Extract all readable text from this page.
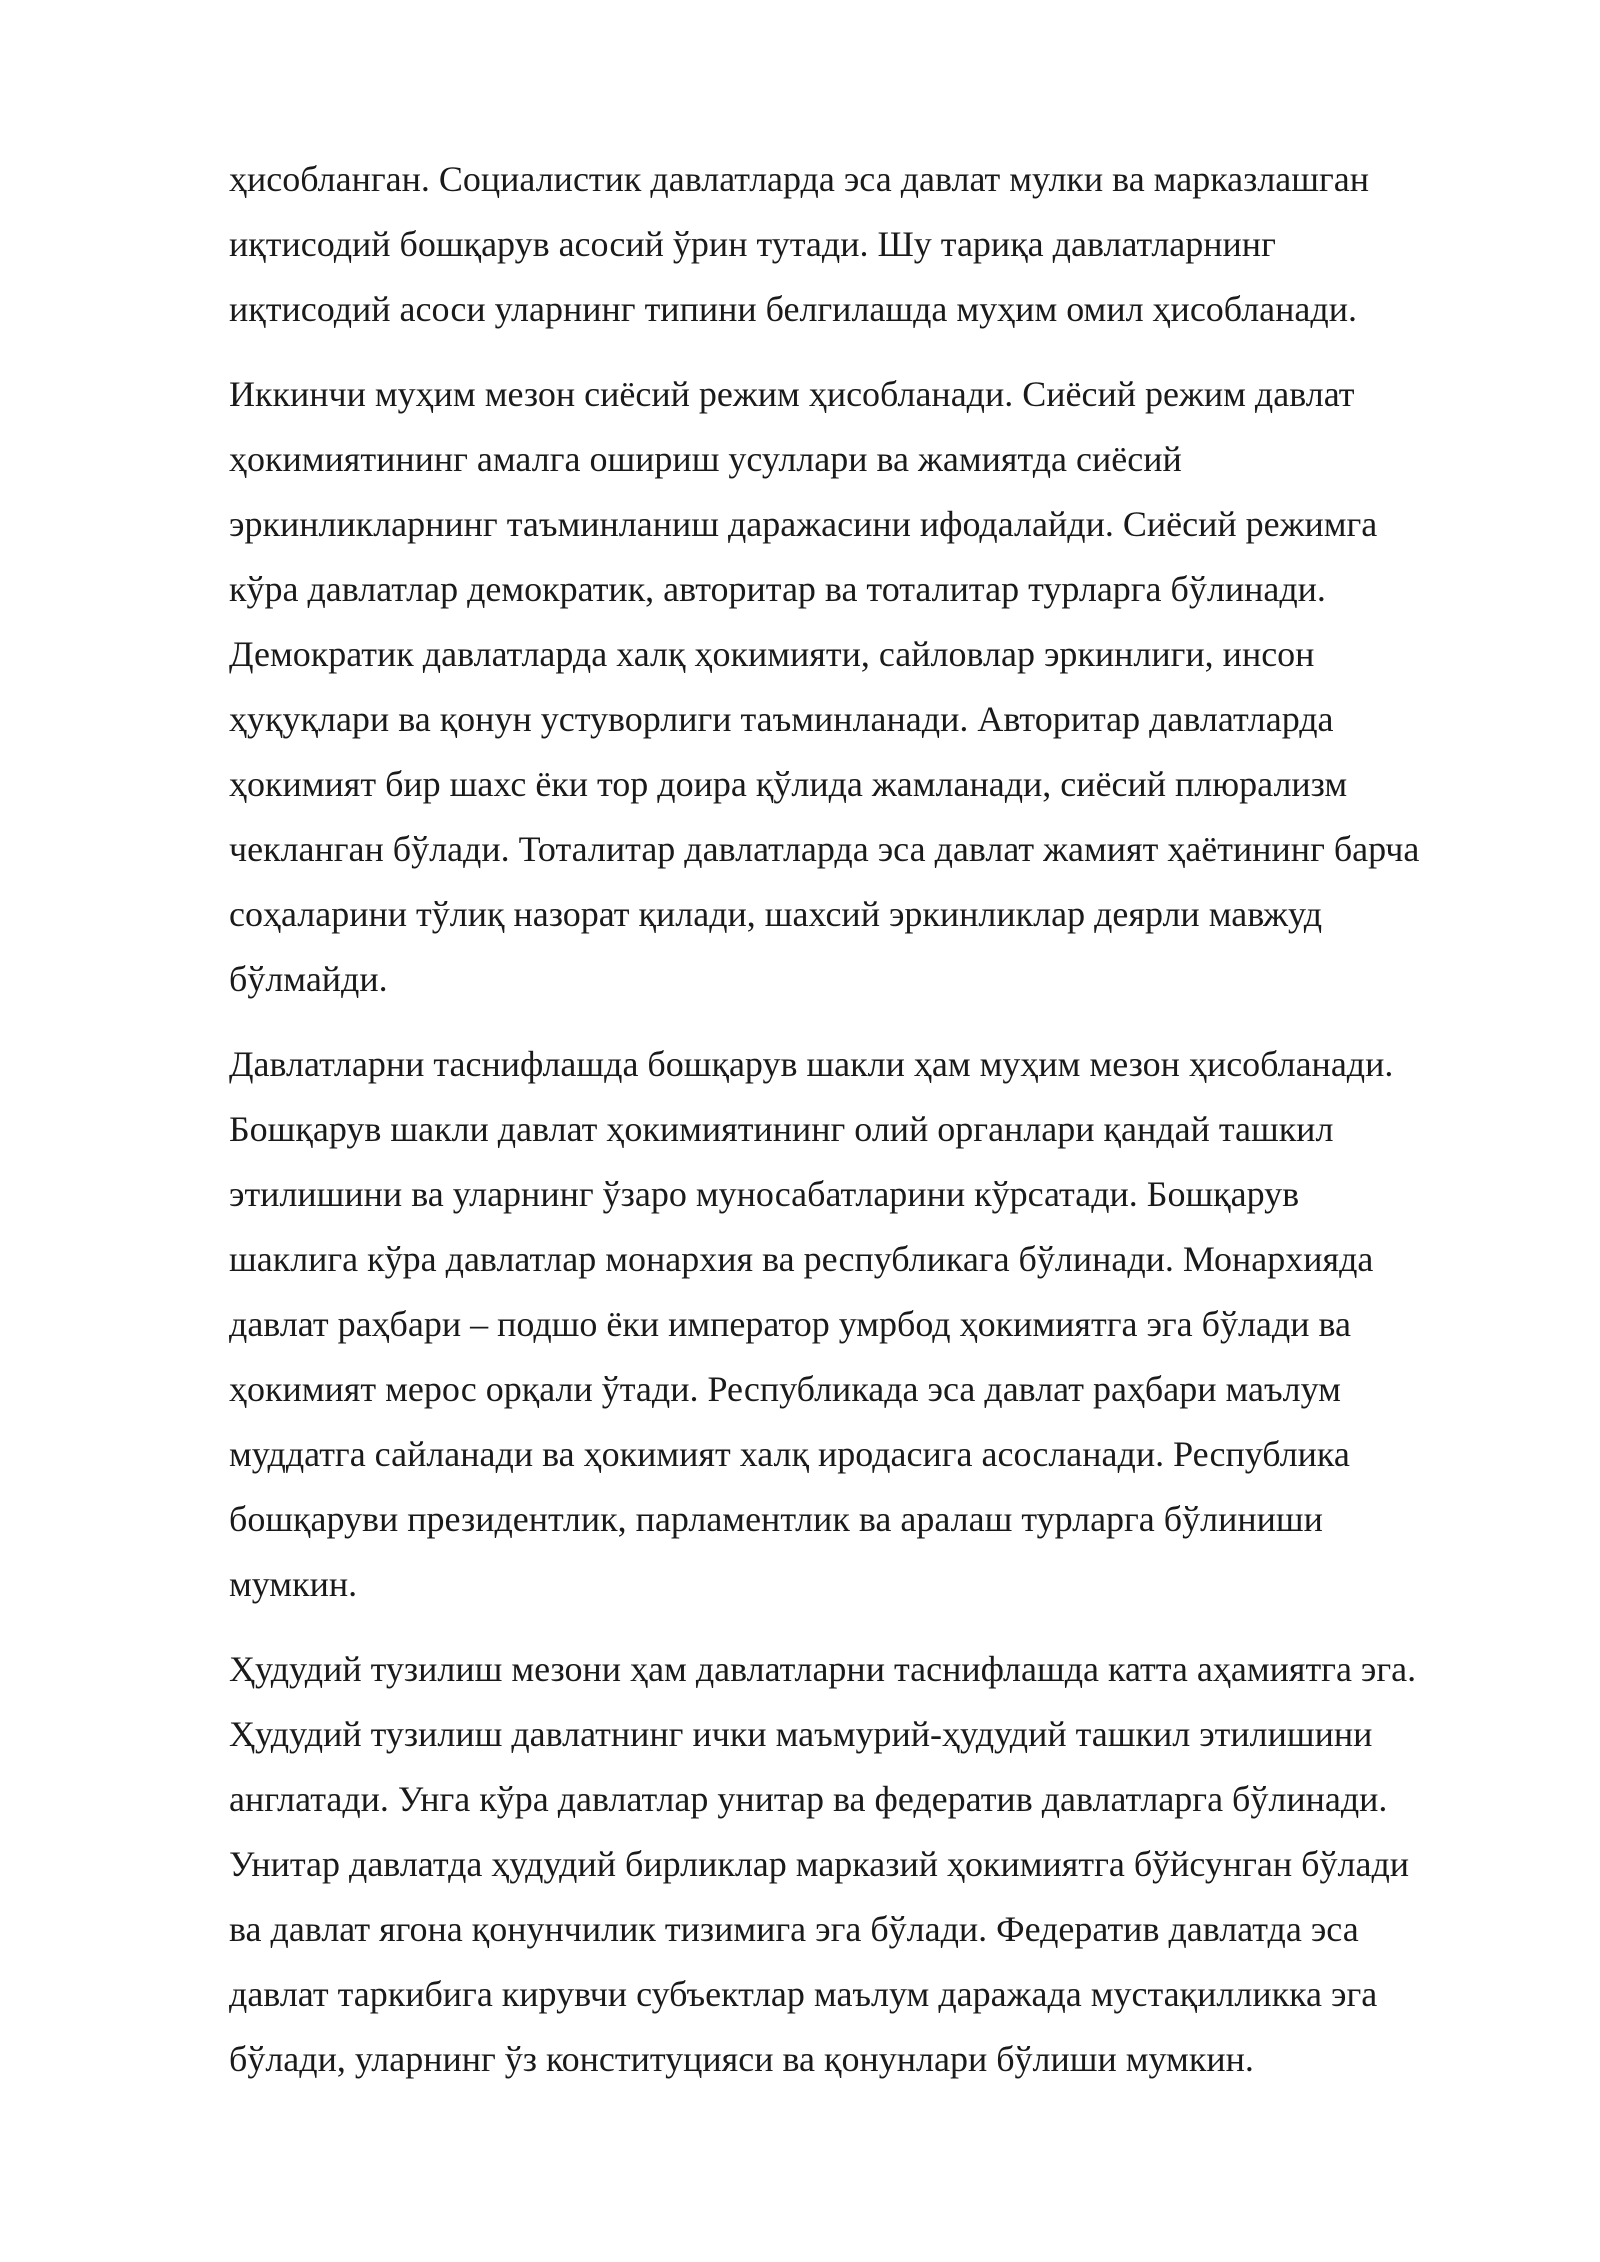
ҳисобланган. Социалистик давлатларда эса давлат мулки ва марказлашган
иқтисодий бошқарув асосий ўрин тутади. Шу тариқа давлатларнинг
иқтисодий асоси уларнинг типини белгилашда муҳим омил ҳисобланади.

Иккинчи муҳим мезон сиёсий режим ҳисобланади. Сиёсий режим давлат
ҳокимиятининг амалга ошириш усуллари ва жамиятда сиёсий
эркинликларнинг таъминланиш даражасини ифодалайди. Сиёсий режимга
кўра давлатлар демократик, авторитар ва тоталитар турларга бўлинади.
Демократик давлатларда халқ ҳокимияти, сайловлар эркинлиги, инсон
ҳуқуқлари ва қонун устуворлиги таъминланади. Авторитар давлатларда
ҳокимият бир шахс ёки тор доира қўлида жамланади, сиёсий плюрализм
чекланган бўлади. Тоталитар давлатларда эса давлат жамият ҳаётининг барча
соҳаларини тўлиқ назорат қилади, шахсий эркинликлар деярли мавжуд
бўлмайди.

Давлатларни таснифлашда бошқарув шакли ҳам муҳим мезон ҳисобланади.
Бошқарув шакли давлат ҳокимиятининг олий органлари қандай ташкил
этилишини ва уларнинг ўзаро муносабатларини кўрсатади. Бошқарув
шаклига кўра давлатлар монархия ва республикага бўлинади. Монархияда
давлат раҳбари – подшо ёки император умрбод ҳокимиятга эга бўлади ва
ҳокимият мерос орқали ўтади. Республикада эса давлат раҳбари маълум
муддатга сайланади ва ҳокимият халқ иродасига асосланади. Республика
бошқаруви президентлик, парламентлик ва аралаш турларга бўлиниши
мумкин.

Ҳудудий тузилиш мезони ҳам давлатларни таснифлашда катта аҳамиятга эга.
Ҳудудий тузилиш давлатнинг ички маъмурий-ҳудудий ташкил этилишини
англатади. Унга кўра давлатлар унитар ва федератив давлатларга бўлинади.
Унитар давлатда ҳудудий бирликлар марказий ҳокимиятга бўйсунган бўлади
ва давлат ягона қонунчилик тизимига эга бўлади. Федератив давлатда эса
давлат таркибига кирувчи субъектлар маълум даражада мустақилликка эга
бўлади, уларнинг ўз конституцияси ва қонунлари бўлиши мумкин.
